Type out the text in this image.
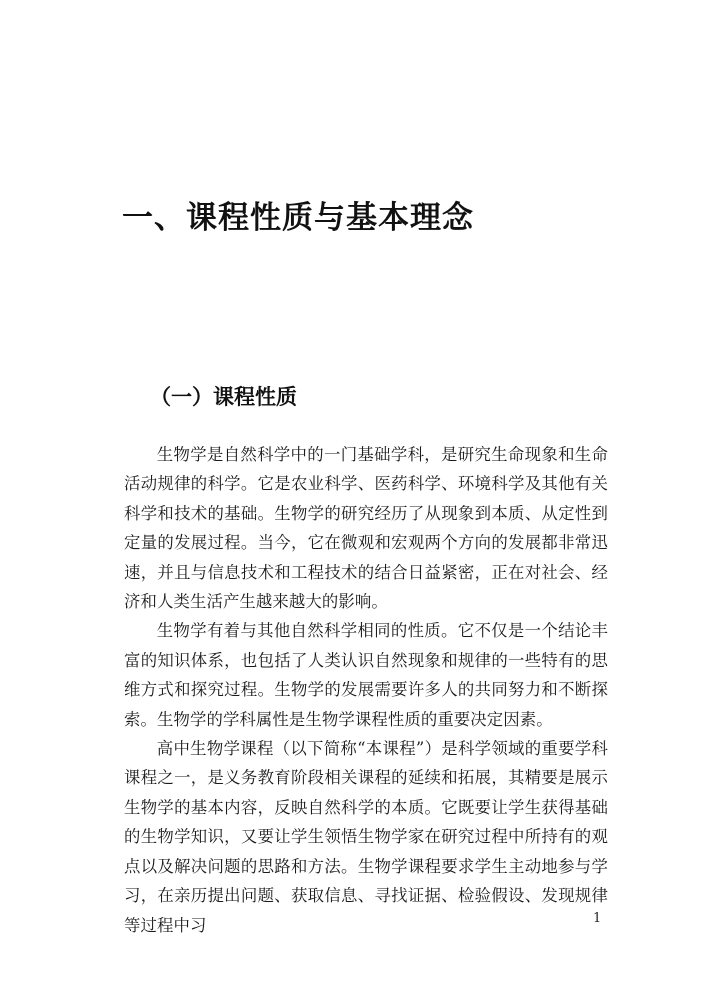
一、课程性质与基本理念
（一）课程性质

生物学是自然科学中的一门基础学科，是研究生命现象和生命活动规律的科学。它是农业科学、医药科学、环境科学及其他有关科学和技术的基础。生物学的研究经历了从现象到本质、从定性到定量的发展过程。当今，它在微观和宏观两个方向的发展都非常迅速，并且与信息技术和工程技术的结合日益紧密，正在对社会、经济和人类生活产生越来越大的影响。

生物学有着与其他自然科学相同的性质。它不仅是一个结论丰富的知识体系，也包括了人类认识自然现象和规律的一些特有的思维方式和探究过程。生物学的发展需要许多人的共同努力和不断探索。生物学的学科属性是生物学课程性质的重要决定因素。

高中生物学课程（以下简称“本课程”）是科学领域的重要学科课程之一，是义务教育阶段相关课程的延续和拓展，其精要是展示生物学的基本内容，反映自然科学的本质。它既要让学生获得基础的生物学知识，又要让学生领悟生物学家在研究过程中所持有的观点以及解决问题的思路和方法。生物学课程要求学生主动地参与学习，在亲历提出问题、获取信息、寻找证据、检验假设、发现规律等过程中习	1
